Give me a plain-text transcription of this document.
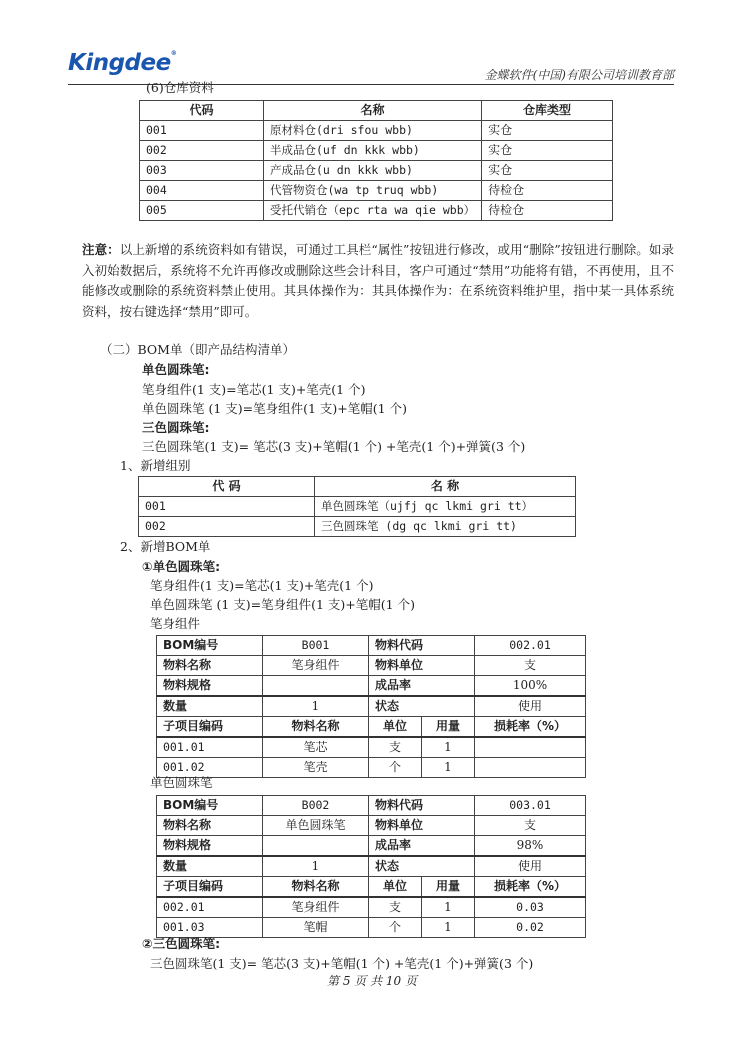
Kingdee®
金蝶软件(中国)有限公司培训教育部
(6)仓库资料
代码	名称	仓库类型
001	原材料仓(dri sfou wbb)	实仓
002	半成品仓(uf dn kkk wbb)	实仓
003	产成品仓(u dn kkk wbb)	实仓
004	代管物资仓(wa tp truq wbb)	待检仓
005	受托代销仓（epc rta wa qie wbb）	待检仓
注意：以上新增的系统资料如有错误，可通过工具栏“属性”按钮进行修改，或用“删除”按钮进行删除。如录入初始数据后，系统将不允许再修改或删除这些会计科目，客户可通过“禁用”功能将有错，不再使用，且不能修改或删除的系统资料禁止使用。其具体操作为：其具体操作为：在系统资料维护里，指中某一具体系统资料，按右键选择“禁用”即可。
（二）BOM单（即产品结构清单）
单色圆珠笔:
笔身组件(1 支)=笔芯(1 支)+笔壳(1 个)
单色圆珠笔 (1 支)=笔身组件(1 支)+笔帽(1 个)
三色圆珠笔:
三色圆珠笔(1 支)= 笔芯(3 支)+笔帽(1 个) +笔壳(1 个)+弹簧(3 个)
1、新增组别
代 码	名 称
001	单色圆珠笔（ujfj qc lkmi gri tt）
002	三色圆珠笔 (dg qc lkmi gri tt)
2、新增BOM单
①单色圆珠笔:
笔身组件(1 支)=笔芯(1 支)+笔壳(1 个)
单色圆珠笔 (1 支)=笔身组件(1 支)+笔帽(1 个)
笔身组件
BOM编号	B001	物料代码		002.01
物料名称	笔身组件	物料单位		支
物料规格		成品率		100%
数量	1	状态		使用
子项目编码	物料名称	单位	用量	损耗率（%）
001.01	笔芯	支	1	
001.02	笔壳	个	1	
单色圆珠笔
BOM编号	B002	物料代码		003.01
物料名称	单色圆珠笔	物料单位		支
物料规格		成品率		98%
数量	1	状态		使用
子项目编码	物料名称	单位	用量	损耗率（%）
002.01	笔身组件	支	1	0.03
001.03	笔帽	个	1	0.02
②三色圆珠笔:
三色圆珠笔(1 支)= 笔芯(3 支)+笔帽(1 个) +笔壳(1 个)+弹簧(3 个)
第 5 页 共 10 页
